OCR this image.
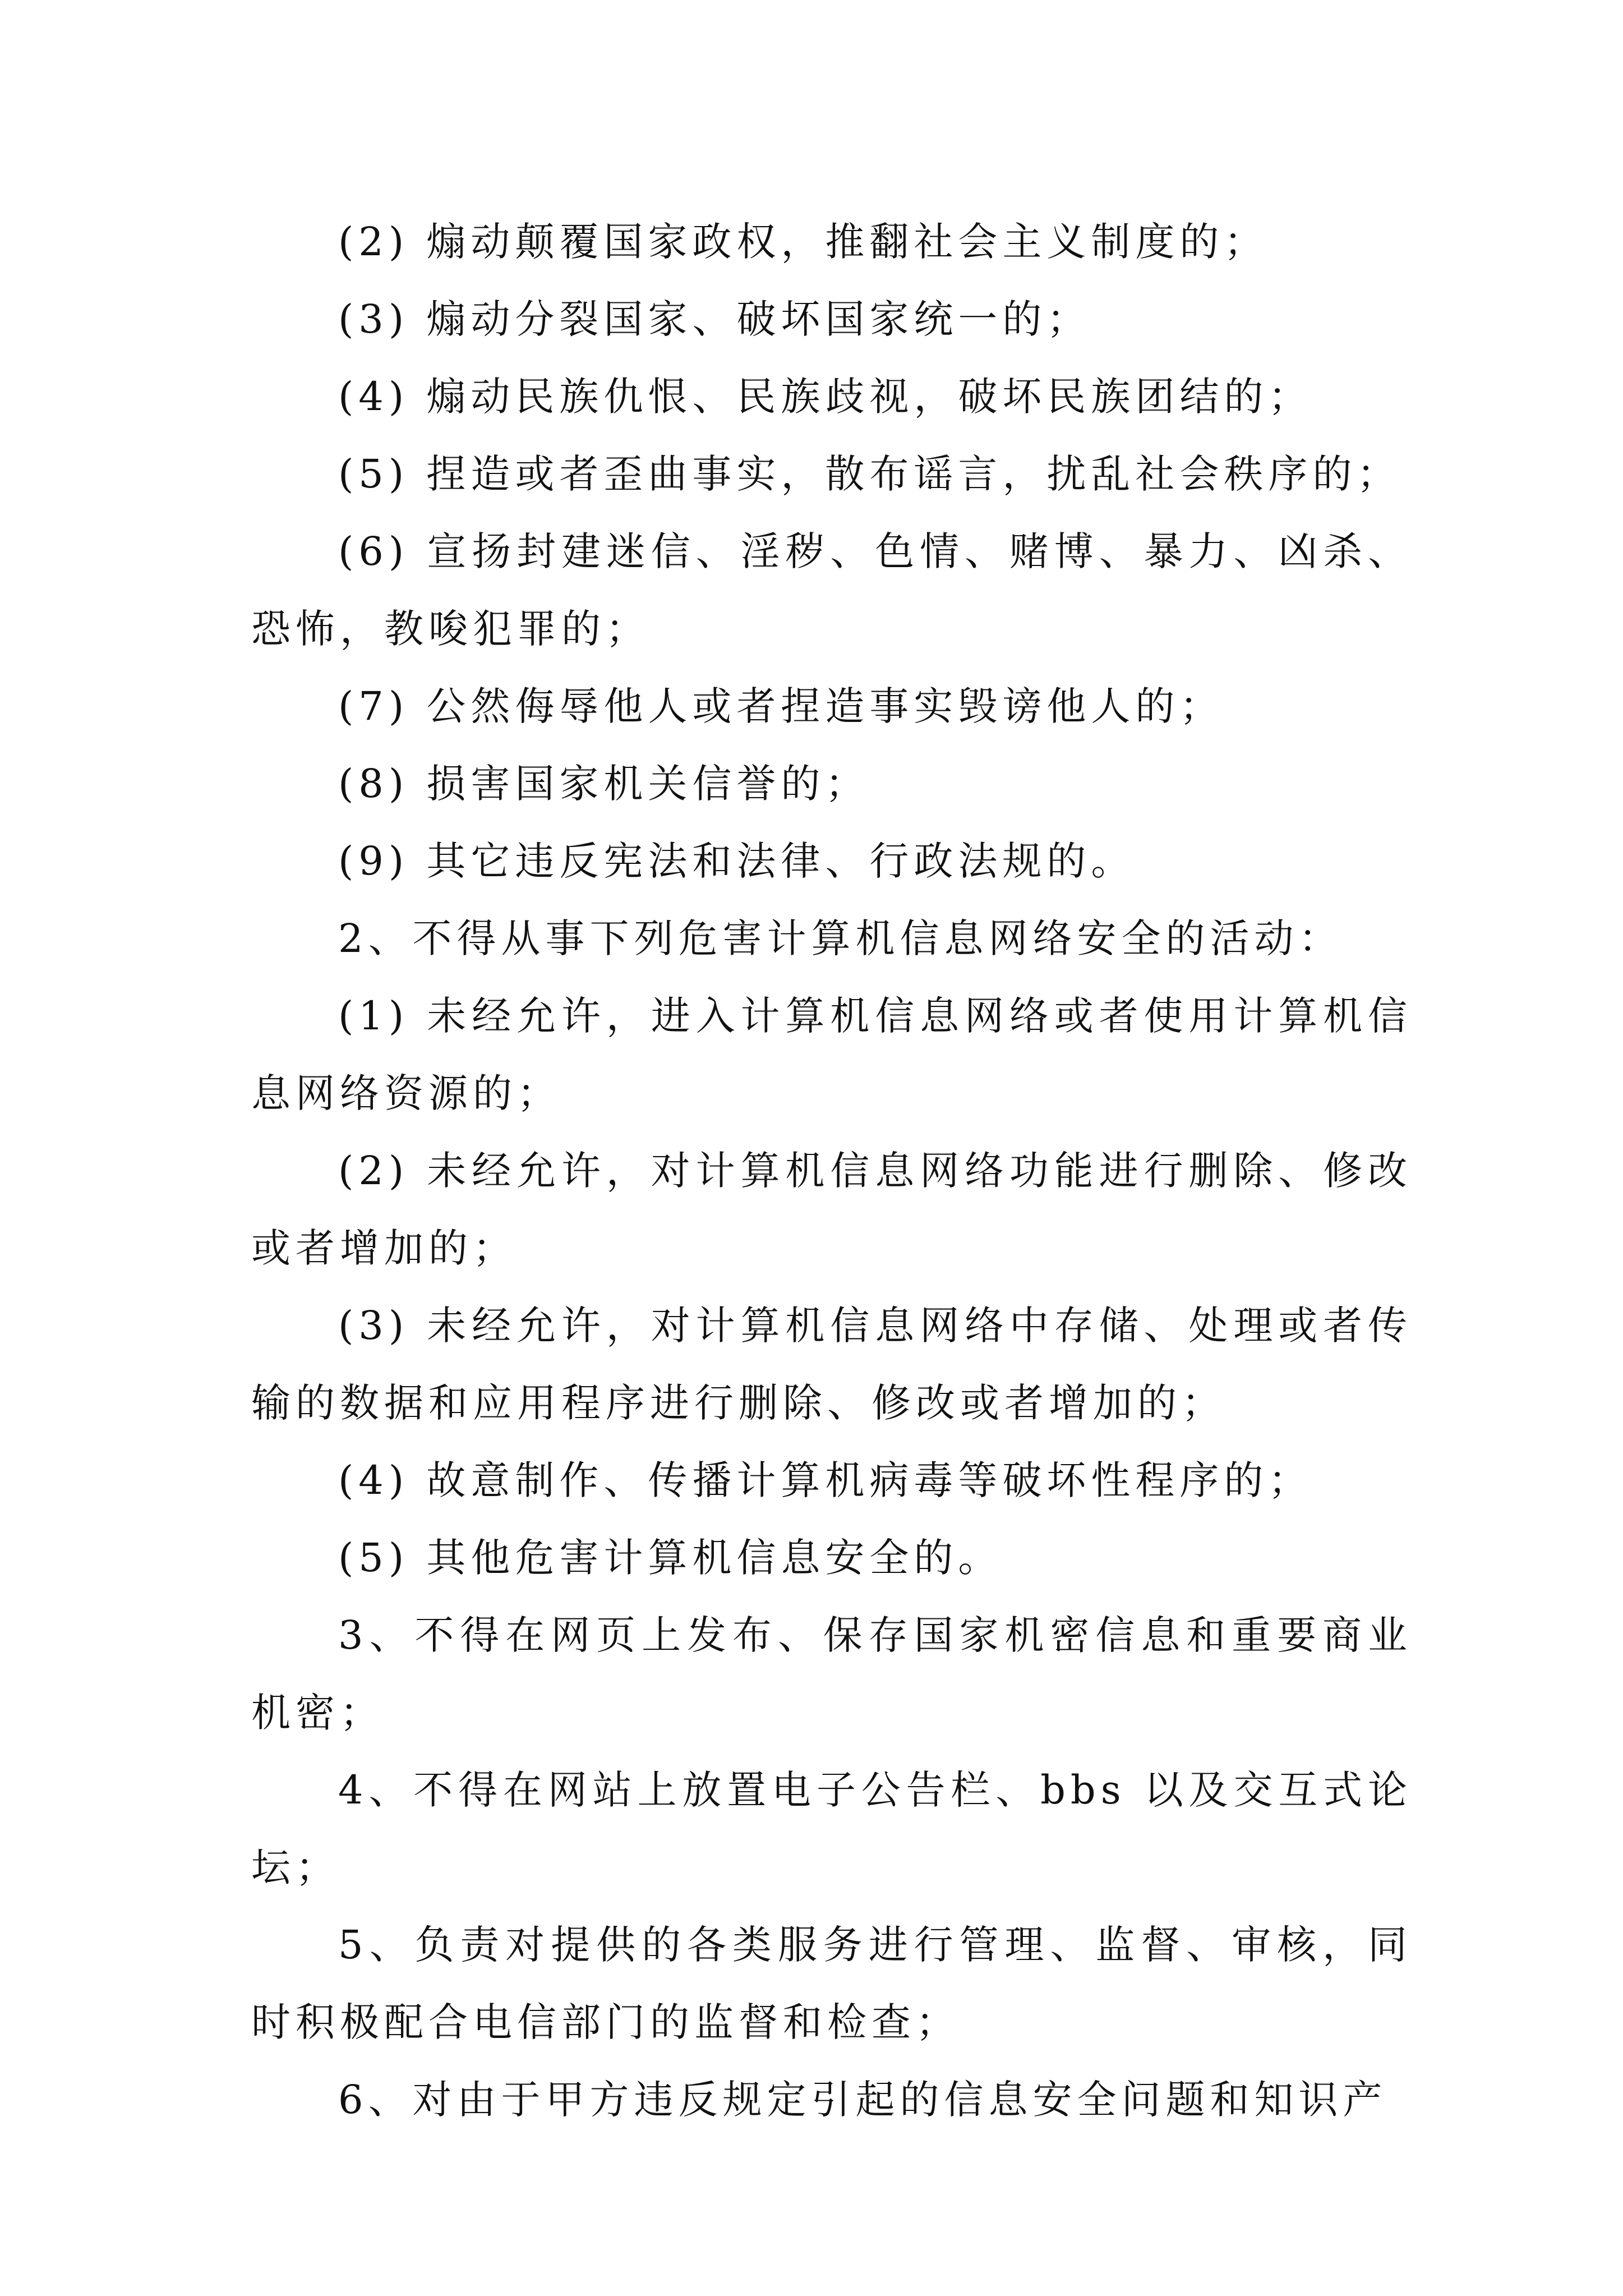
(2) 煽动颠覆国家政权，推翻社会主义制度的；

(3) 煽动分裂国家、破坏国家统一的；

(4) 煽动民族仇恨、民族歧视，破坏民族团结的；

(5) 捏造或者歪曲事实，散布谣言，扰乱社会秩序的；

(6) 宣扬封建迷信、淫秽、色情、赌博、暴力、凶杀、恐怖，教唆犯罪的；

(7) 公然侮辱他人或者捏造事实毁谤他人的；

(8) 损害国家机关信誉的；

(9) 其它违反宪法和法律、行政法规的。

2、不得从事下列危害计算机信息网络安全的活动：

(1) 未经允许，进入计算机信息网络或者使用计算机信息网络资源的；

(2) 未经允许，对计算机信息网络功能进行删除、修改或者增加的；

(3) 未经允许，对计算机信息网络中存储、处理或者传输的数据和应用程序进行删除、修改或者增加的；

(4) 故意制作、传播计算机病毒等破坏性程序的；

(5) 其他危害计算机信息安全的。

3、不得在网页上发布、保存国家机密信息和重要商业机密；

4、不得在网站上放置电子公告栏、bbs 以及交互式论坛；

5、负责对提供的各类服务进行管理、监督、审核，同时积极配合电信部门的监督和检查；

6、对由于甲方违反规定引起的信息安全问题和知识产
